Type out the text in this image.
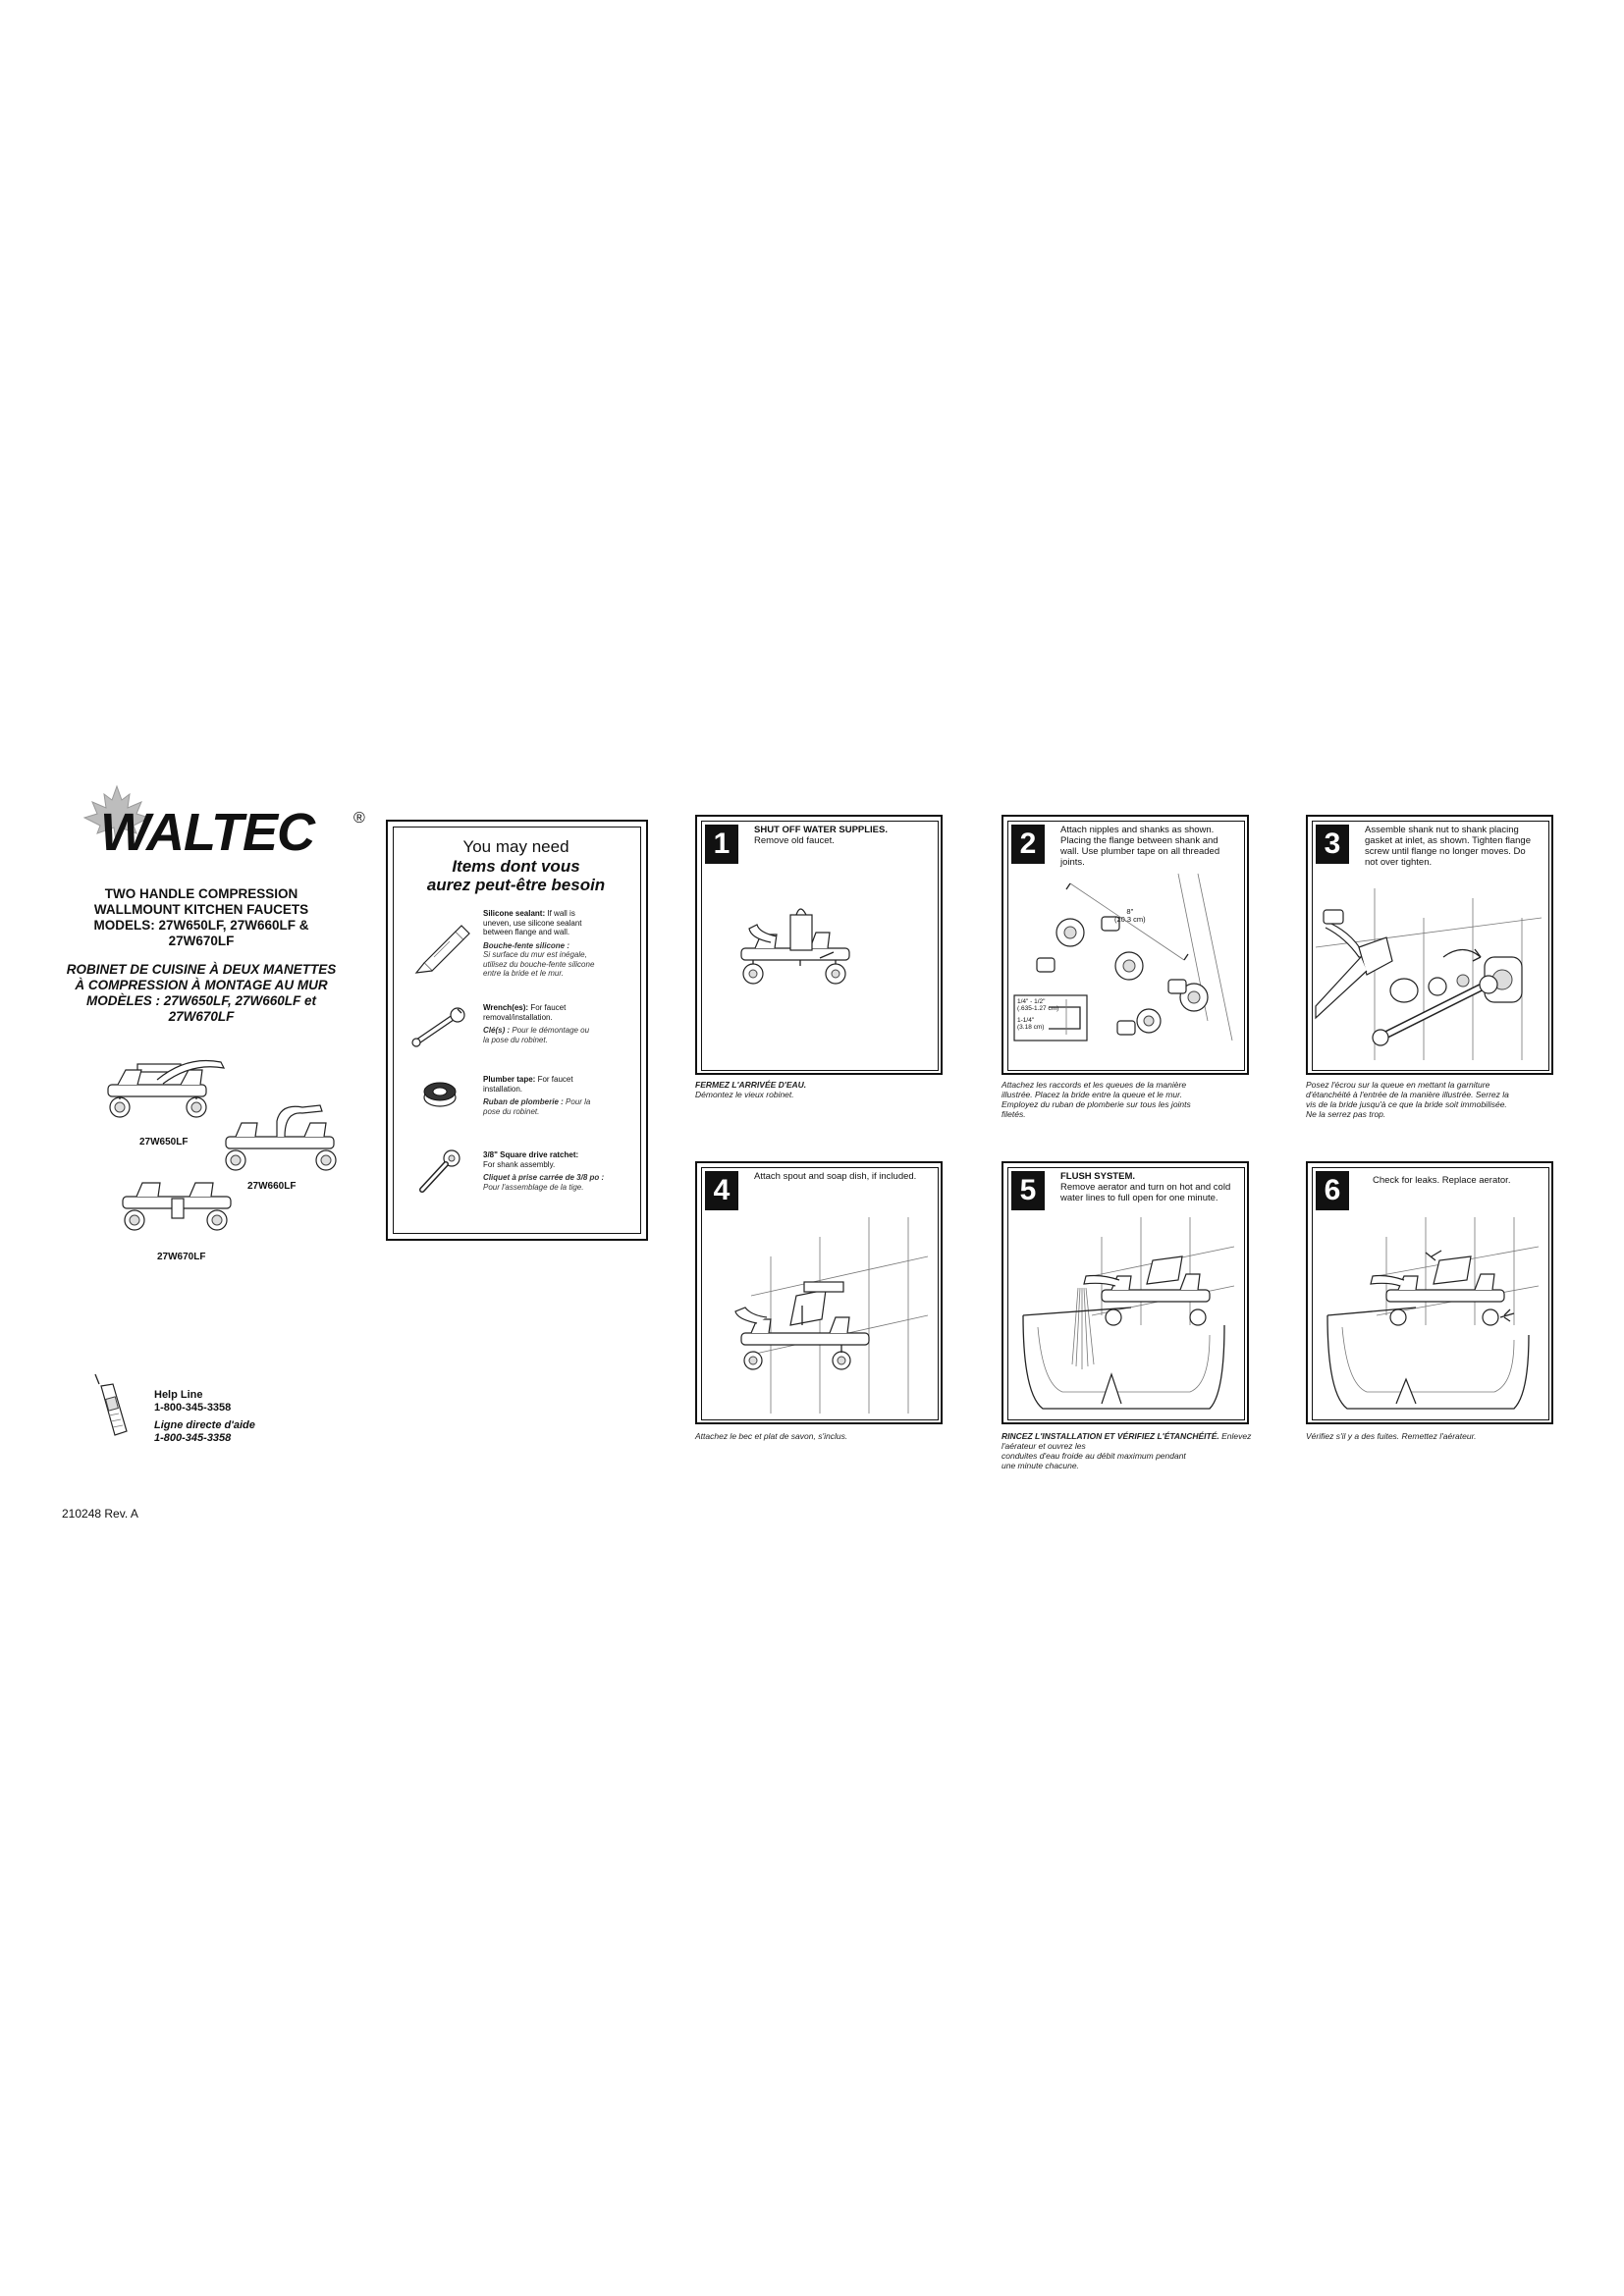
WALTEC	®
TWO HANDLE COMPRESSION
WALLMOUNT KITCHEN FAUCETS
MODELS: 27W650LF, 27W660LF &
27W670LF
ROBINET DE CUISINE À DEUX MANETTES
À COMPRESSION À MONTAGE AU MUR
MODÈLES : 27W650LF, 27W660LF et
27W670LF
27W650LF
27W660LF
27W670LF
Help Line
1-800-345-3358
Ligne directe d'aide
1-800-345-3358
210248 Rev. A
You may need
Items dont vous
aurez peut-être besoin
Silicone sealant: If wall is
uneven, use silicone sealant
between flange and wall.
Bouche-fente silicone :
Si surface du mur est inégale,
utilisez du bouche-fente silicone
entre la bride et le mur.
Wrench(es): For faucet
removal/installation.
Clé(s) : Pour le démontage ou
la pose du robinet.
Plumber tape: For faucet
installation.
Ruban de plomberie : Pour la
pose du robinet.
3/8" Square drive ratchet:
For shank assembly.
Cliquet à prise carrée de 3/8 po :
Pour l'assemblage de la tige.
1	SHUT OFF WATER SUPPLIES.
Remove old faucet.
FERMEZ L'ARRIVÉE D'EAU.
Démontez le vieux robinet.
2	Attach nipples and shanks as shown.
Placing the flange between shank and
wall. Use plumber tape on all threaded
joints.
8"
(20.3 cm)
1/4" - 1/2"
(.635-1.27 cm)
1-1/4"
(3.18 cm)
Attachez les raccords et les queues de la manière
illustrée. Placez la bride entre la queue et le mur.
Employez du ruban de plomberie sur tous les joints
filetés.
3	Assemble shank nut to shank placing
gasket at inlet, as shown. Tighten flange
screw until flange no longer moves. Do
not over tighten.
Posez l'écrou sur la queue en mettant la garniture
d'étanchéité à l'entrée de la manière illustrée. Serrez la
vis de la bride jusqu'à ce que la bride soit immobilisée.
Ne la serrez pas trop.
4	Attach spout and soap dish, if included.
Attachez le bec et plat de savon, s'inclus.
5	FLUSH SYSTEM.
Remove aerator and turn on hot and cold
water lines to full open for one minute.
RINCEZ L'INSTALLATION ET VÉRIFIEZ L'ÉTANCHÉITÉ. Enlevez l'aérateur et ouvrez les
conduites d'eau froide au débit maximum pendant
une minute chacune.
6	Check for leaks. Replace aerator.
Vérifiez s'il y a des fuites. Remettez l'aérateur.
